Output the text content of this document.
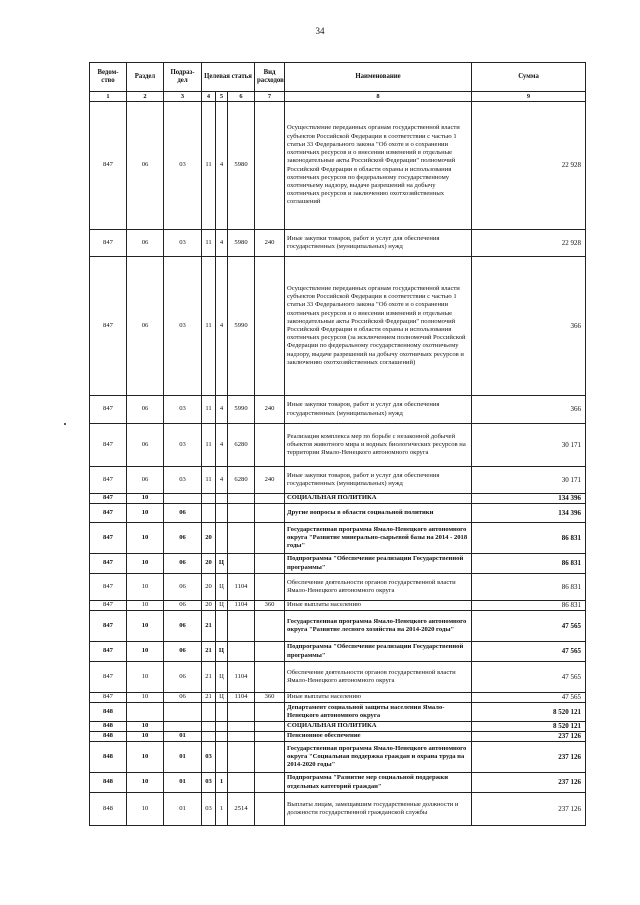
34
Ведом-ство	Раздел	Подраз-дел	Целевая статья			Вид расходов	Наименование	Сумма
1	2	3	4	5	6	7	8	9
847	06	03	11	4	5980		Осуществление переданных органам государственной власти субъектов Российской Федерации в соответствии с частью 1 статьи 33 Федерального закона "Об охоте и о сохранении охотничьих ресурсов и о внесении изменений в отдельные законодательные акты Российской Федерации" полномочий Российской Федерации в области охраны и использования охотничьих ресурсов по федеральному государственному охотничьему надзору, выдаче разрешений на добычу охотничьих ресурсов и заключению охотхозяйственных соглашений	22 928
847	06	03	11	4	5980	240	Иные закупки товаров, работ и услуг для обеспечения государственных (муниципальных) нужд	22 928
847	06	03	11	4	5990		Осуществление переданных органам государственной власти субъектов Российской Федерации в соответствии с частью 1 статьи 33 Федерального закона "Об охоте и о сохранении охотничьих ресурсов и о внесении изменений в отдельные законодательные акты Российской Федерации" полномочий Российской Федерации в области охраны и использования охотничьих ресурсов (за исключением полномочий Российской Федерации по федеральному государственному охотничьему надзору, выдаче разрешений на добычу охотничьих ресурсов и заключению охотхозяйственных соглашений)	366
847	06	03	11	4	5990	240	Иные закупки товаров, работ и услуг для обеспечения государственных (муниципальных) нужд	366
847	06	03	11	4	6280		Реализация комплекса мер по борьбе с незаконной добычей объектов животного мира и водных биологических ресурсов на территории Ямало-Ненецкого автономного округа	30 171
847	06	03	11	4	6280	240	Иные закупки товаров, работ и услуг для обеспечения государственных (муниципальных) нужд	30 171
847	10						СОЦИАЛЬНАЯ ПОЛИТИКА	134 396
847	10	06					Другие вопросы в области социальной политики	134 396
847	10	06	20				Государственная программа Ямало-Ненецкого автономного округа "Развитие минерально-сырьевой базы на 2014 - 2018 годы"	86 831
847	10	06	20	Ц			Подпрограмма "Обеспечение реализации Государственной программы"	86 831
847	10	06	20	Ц	1104		Обеспечение деятельности органов государственной власти Ямало-Ненецкого автономного округа	86 831
847	10	06	20	Ц	1104	360	Иные выплаты населению	86 831
847	10	06	21				Государственная программа Ямало-Ненецкого автономного округа "Развитие лесного хозяйства на 2014-2020 годы"	47 565
847	10	06	21	Ц			Подпрограмма "Обеспечение реализации Государственной программы"	47 565
847	10	06	21	Ц	1104		Обеспечение деятельности органов государственной власти Ямало-Ненецкого автономного округа	47 565
847	10	06	21	Ц	1104	360	Иные выплаты населению	47 565
848							Департамент социальной защиты населения Ямало-Ненецкого автономного округа	8 520 121
848	10						СОЦИАЛЬНАЯ ПОЛИТИКА	8 520 121
848	10	01					Пенсионное обеспечение	237 126
848	10	01	03				Государственная программа Ямало-Ненецкого автономного округа "Социальная поддержка граждан и охрана труда на 2014-2020 годы"	237 126
848	10	01	03	1			Подпрограмма "Развитие мер социальной поддержки отдельных категорий граждан"	237 126
848	10	01	03	1	2514		Выплаты лицам, замещавшим государственные должности и должности государственной гражданской службы	237 126
